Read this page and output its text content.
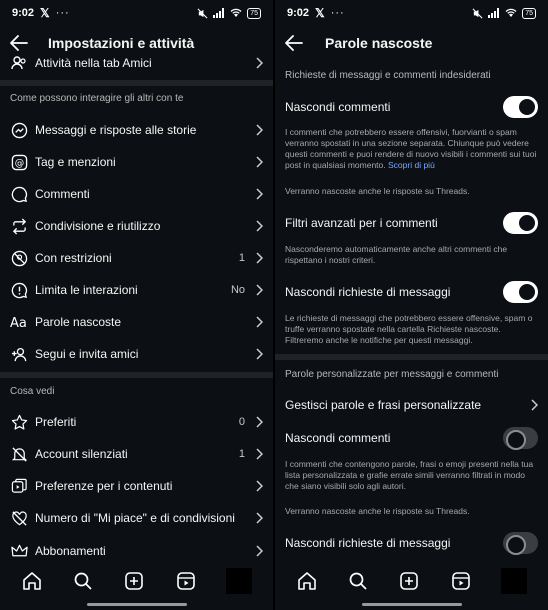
9:02 𝕏 ···	75
Impostazioni e attività
Attività nella tab Amici
Come possono interagire gli altri con te
Messaggi e risposte alle storie
@ Tag e menzioni
Commenti
Condivisione e riutilizzo
Con restrizioni	1
Limita le interazioni	No
Aa Parole nascoste
Segui e invita amici
Cosa vedi
Preferiti	0
Account silenziati	1
Preferenze per i contenuti
Numero di "Mi piace" e di condivisioni
Abbonamenti
9:02 𝕏 ···	75
Parole nascoste
Richieste di messaggi e commenti indesiderati
Nascondi commenti
I commenti che potrebbero essere offensivi, fuorvianti o spam verranno spostati in una sezione separata. Chiunque può vedere questi commenti e puoi rendere di nuovo visibili i commenti sui tuoi post in qualsiasi momento. Scopri di più
Verranno nascoste anche le risposte su Threads.
Filtri avanzati per i commenti
Nasconderemo automaticamente anche altri commenti che rispettano i nostri criteri.
Nascondi richieste di messaggi
Le richieste di messaggi che potrebbero essere offensive, spam o truffe verranno spostate nella cartella Richieste nascoste. Filtreremo anche le notifiche per questi messaggi.
Parole personalizzate per messaggi e commenti
Gestisci parole e frasi personalizzate
Nascondi commenti
I commenti che contengono parole, frasi o emoji presenti nella tua lista personalizzata e grafie errate simili verranno filtrati in modo che siano visibili solo agli autori.
Verranno nascoste anche le risposte su Threads.
Nascondi richieste di messaggi
